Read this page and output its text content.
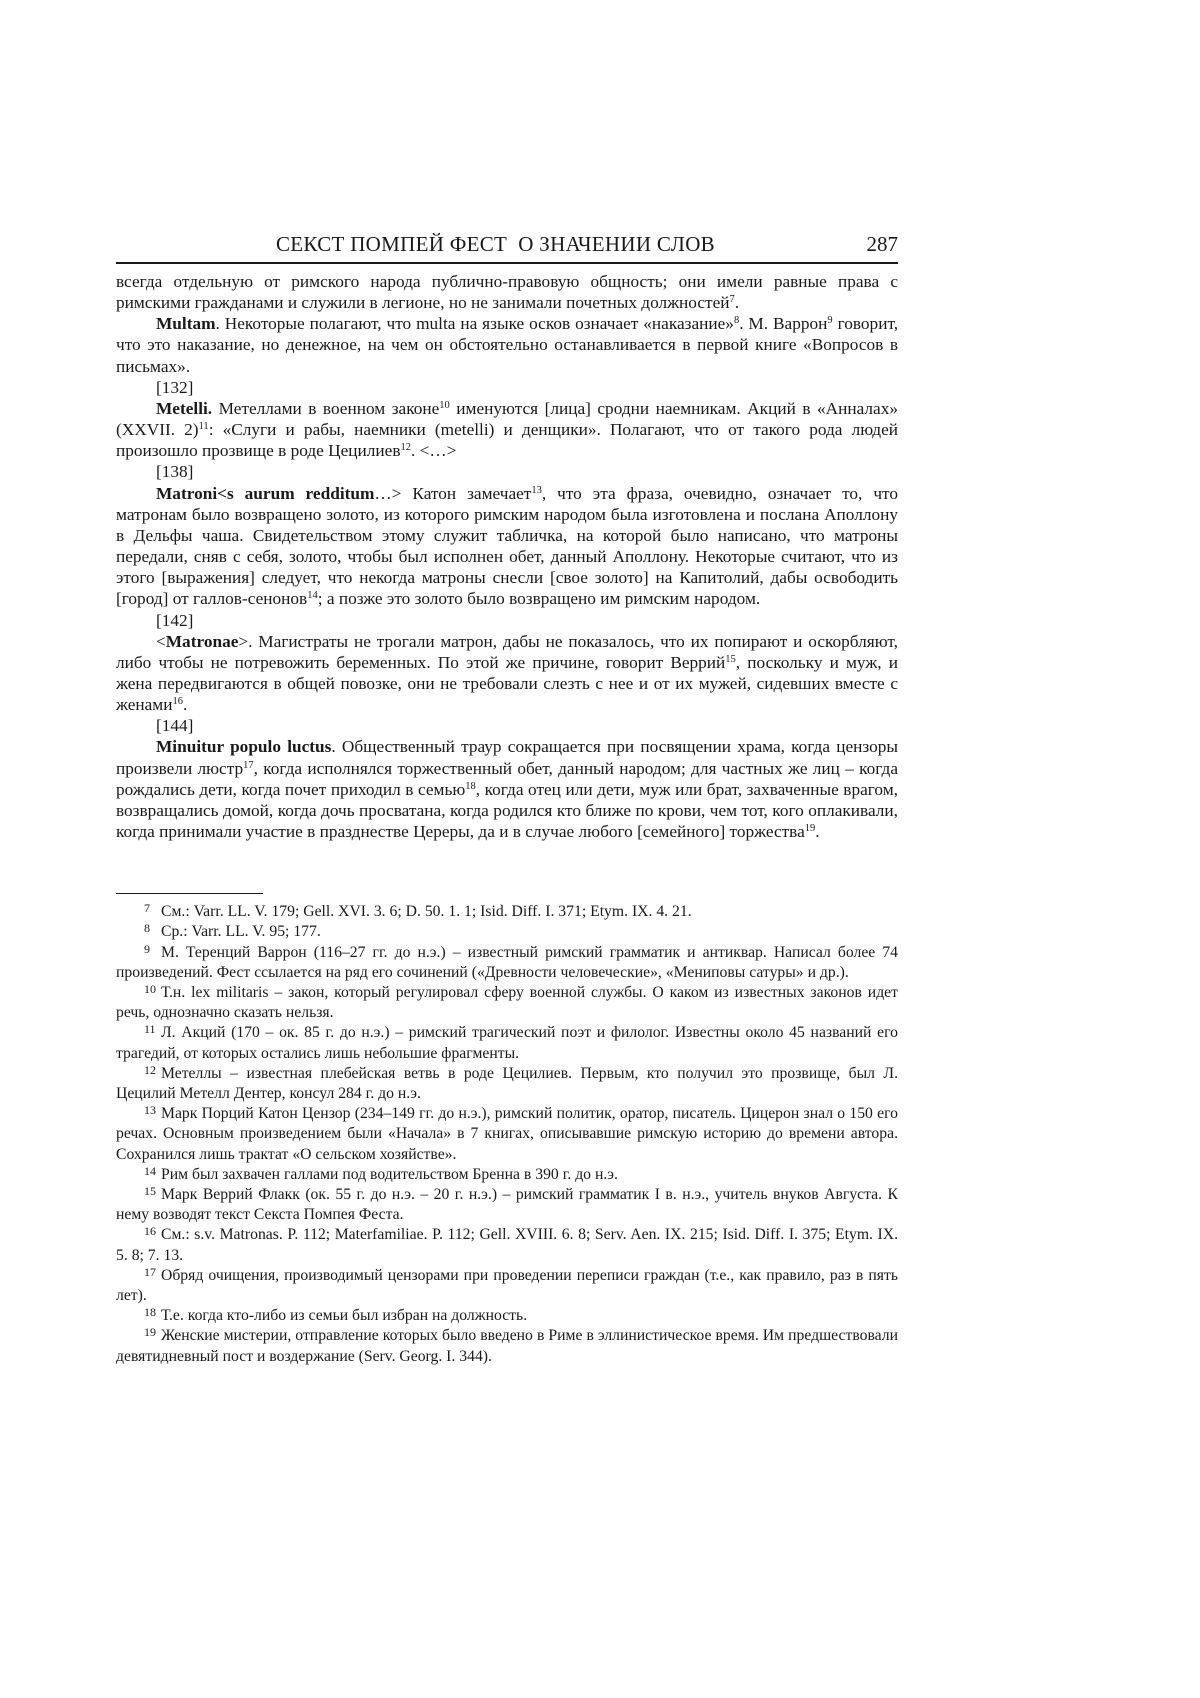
СЕКСТ ПОМПЕЙ ФЕСТ  О ЗНАЧЕНИИ СЛОВ	287

всегда отдельную от римского народа публично-правовую общность; они имели равные права с римскими гражданами и служили в легионе, но не занимали почетных должностей$^7$.

Multam. Некоторые полагают, что multa на языке осков означает «наказание»$^8$. М. Варрон$^9$ говорит, что это наказание, но денежное, на чем он обстоятельно останавливается в первой книге «Вопросов в письмах».

[132]

Metelli. Метеллами в военном законе$^{10}$ именуются [лица] сродни наемникам. Акций в «Анналах» (XXVII. 2)$^{11}$: «Слуги и рабы, наемники (metelli) и денщики». Полагают, что от такого рода людей произошло прозвище в роде Цецилиев$^{12}$. <…>

[138]

Matroni<s aurum redditum…> Катон замечает$^{13}$, что эта фраза, очевидно, означает то, что матронам было возвращено золото, из которого римским народом была изготовлена и послана Аполлону в Дельфы чаша. Свидетельством этому служит табличка, на которой было написано, что матроны передали, сняв с себя, золото, чтобы был исполнен обет, данный Аполлону. Некоторые считают, что из этого [выражения] следует, что некогда матроны снесли [свое золото] на Капитолий, дабы освободить [город] от галлов-сенонов$^{14}$; а позже это золото было возвращено им римским народом.

[142]

<Matronae>. Магистраты не трогали матрон, дабы не показалось, что их попирают и оскорбляют, либо чтобы не потревожить беременных. По этой же причине, говорит Веррий$^{15}$, поскольку и муж, и жена передвигаются в общей повозке, они не требовали слезть с нее и от их мужей, сидевших вместе с женами$^{16}$.

[144]

Minuitur populo luctus. Общественный траур сокращается при посвящении храма, когда цензоры произвели люстр$^{17}$, когда исполнялся торжественный обет, данный народом; для частных же лиц – когда рождались дети, когда почет приходил в семью$^{18}$, когда отец или дети, муж или брат, захваченные врагом, возвращались домой, когда дочь просватана, когда родился кто ближе по крови, чем тот, кого оплакивали, когда принимали участие в празднестве Цереры, да и в случае любого [семейного] торжества$^{19}$.

7 См.: Varr. LL. V. 179; Gell. XVI. 3. 6; D. 50. 1. 1; Isid. Diff. I. 371; Etym. IX. 4. 21.

8 Ср.: Varr. LL. V. 95; 177.

9 М. Теренций Варрон (116–27 гг. до н.э.) – известный римский грамматик и антиквар. Написал более 74 произведений. Фест ссылается на ряд его сочинений («Древности человеческие», «Мениповы сатуры» и др.).

10 Т.н. lex militaris – закон, который регулировал сферу военной службы. О каком из известных законов идет речь, однозначно сказать нельзя.

11 Л. Акций (170 – ок. 85 г. до н.э.) – римский трагический поэт и филолог. Известны около 45 названий его трагедий, от которых остались лишь небольшие фрагменты.

12 Метеллы – известная плебейская ветвь в роде Цецилиев. Первым, кто получил это прозвище, был Л. Цецилий Метелл Дентер, консул 284 г. до н.э.

13 Марк Порций Катон Цензор (234–149 гг. до н.э.), римский политик, оратор, писатель. Цицерон знал о 150 его речах. Основным произведением были «Начала» в 7 книгах, описывавшие римскую историю до времени автора. Сохранился лишь трактат «О сельском хозяйстве».

14 Рим был захвачен галлами под водительством Бренна в 390 г. до н.э.

15 Марк Веррий Флакк (ок. 55 г. до н.э. – 20 г. н.э.) – римский грамматик I в. н.э., учитель внуков Августа. К нему возводят текст Секста Помпея Феста.

16 См.: s.v. Matronas. P. 112; Materfamiliae. P. 112; Gell. XVIII. 6. 8; Serv. Aen. IX. 215; Isid. Diff. I. 375; Etym. IX. 5. 8; 7. 13.

17 Обряд очищения, производимый цензорами при проведении переписи граждан (т.е., как правило, раз в пять лет).

18 Т.е. когда кто-либо из семьи был избран на должность.

19 Женские мистерии, отправление которых было введено в Риме в эллинистическое время. Им предшествовали девятидневный пост и воздержание (Serv. Georg. I. 344).
